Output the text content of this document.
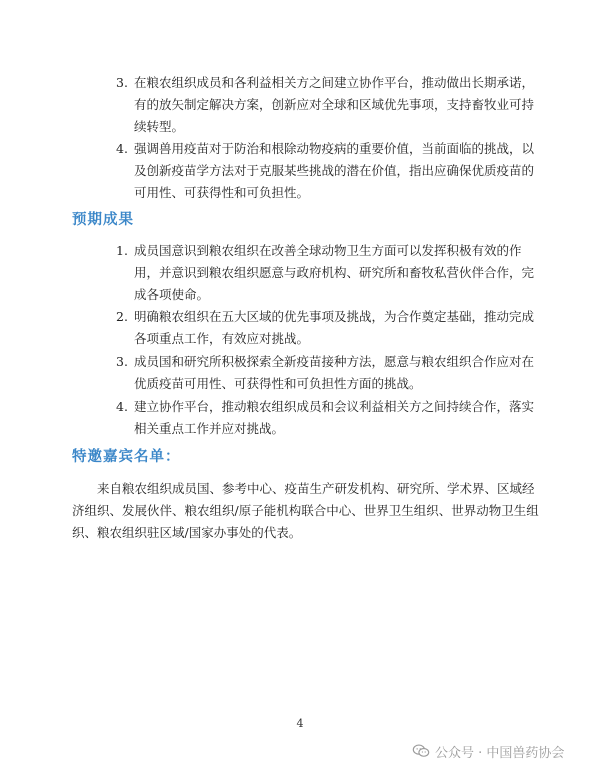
3. 在粮农组织成员和各利益相关方之间建立协作平台，推动做出长期承诺，有的放矢制定解决方案，创新应对全球和区域优先事项，支持畜牧业可持续转型。
4. 强调兽用疫苗对于防治和根除动物疫病的重要价值，当前面临的挑战，以及创新疫苗学方法对于克服某些挑战的潜在价值，指出应确保优质疫苗的可用性、可获得性和可负担性。
预期成果
1. 成员国意识到粮农组织在改善全球动物卫生方面可以发挥积极有效的作用，并意识到粮农组织愿意与政府机构、研究所和畜牧私营伙伴合作，完成各项使命。
2. 明确粮农组织在五大区域的优先事项及挑战，为合作奠定基础，推动完成各项重点工作，有效应对挑战。
3. 成员国和研究所积极探索全新疫苗接种方法，愿意与粮农组织合作应对在优质疫苗可用性、可获得性和可负担性方面的挑战。
4. 建立协作平台，推动粮农组织成员和会议利益相关方之间持续合作，落实相关重点工作并应对挑战。
特邀嘉宾名单：
来自粮农组织成员国、参考中心、疫苗生产研发机构、研究所、学术界、区域经济组织、发展伙伴、粮农组织/原子能机构联合中心、世界卫生组织、世界动物卫生组织、粮农组织驻区域/国家办事处的代表。
4
公众号 · 中国兽药协会
